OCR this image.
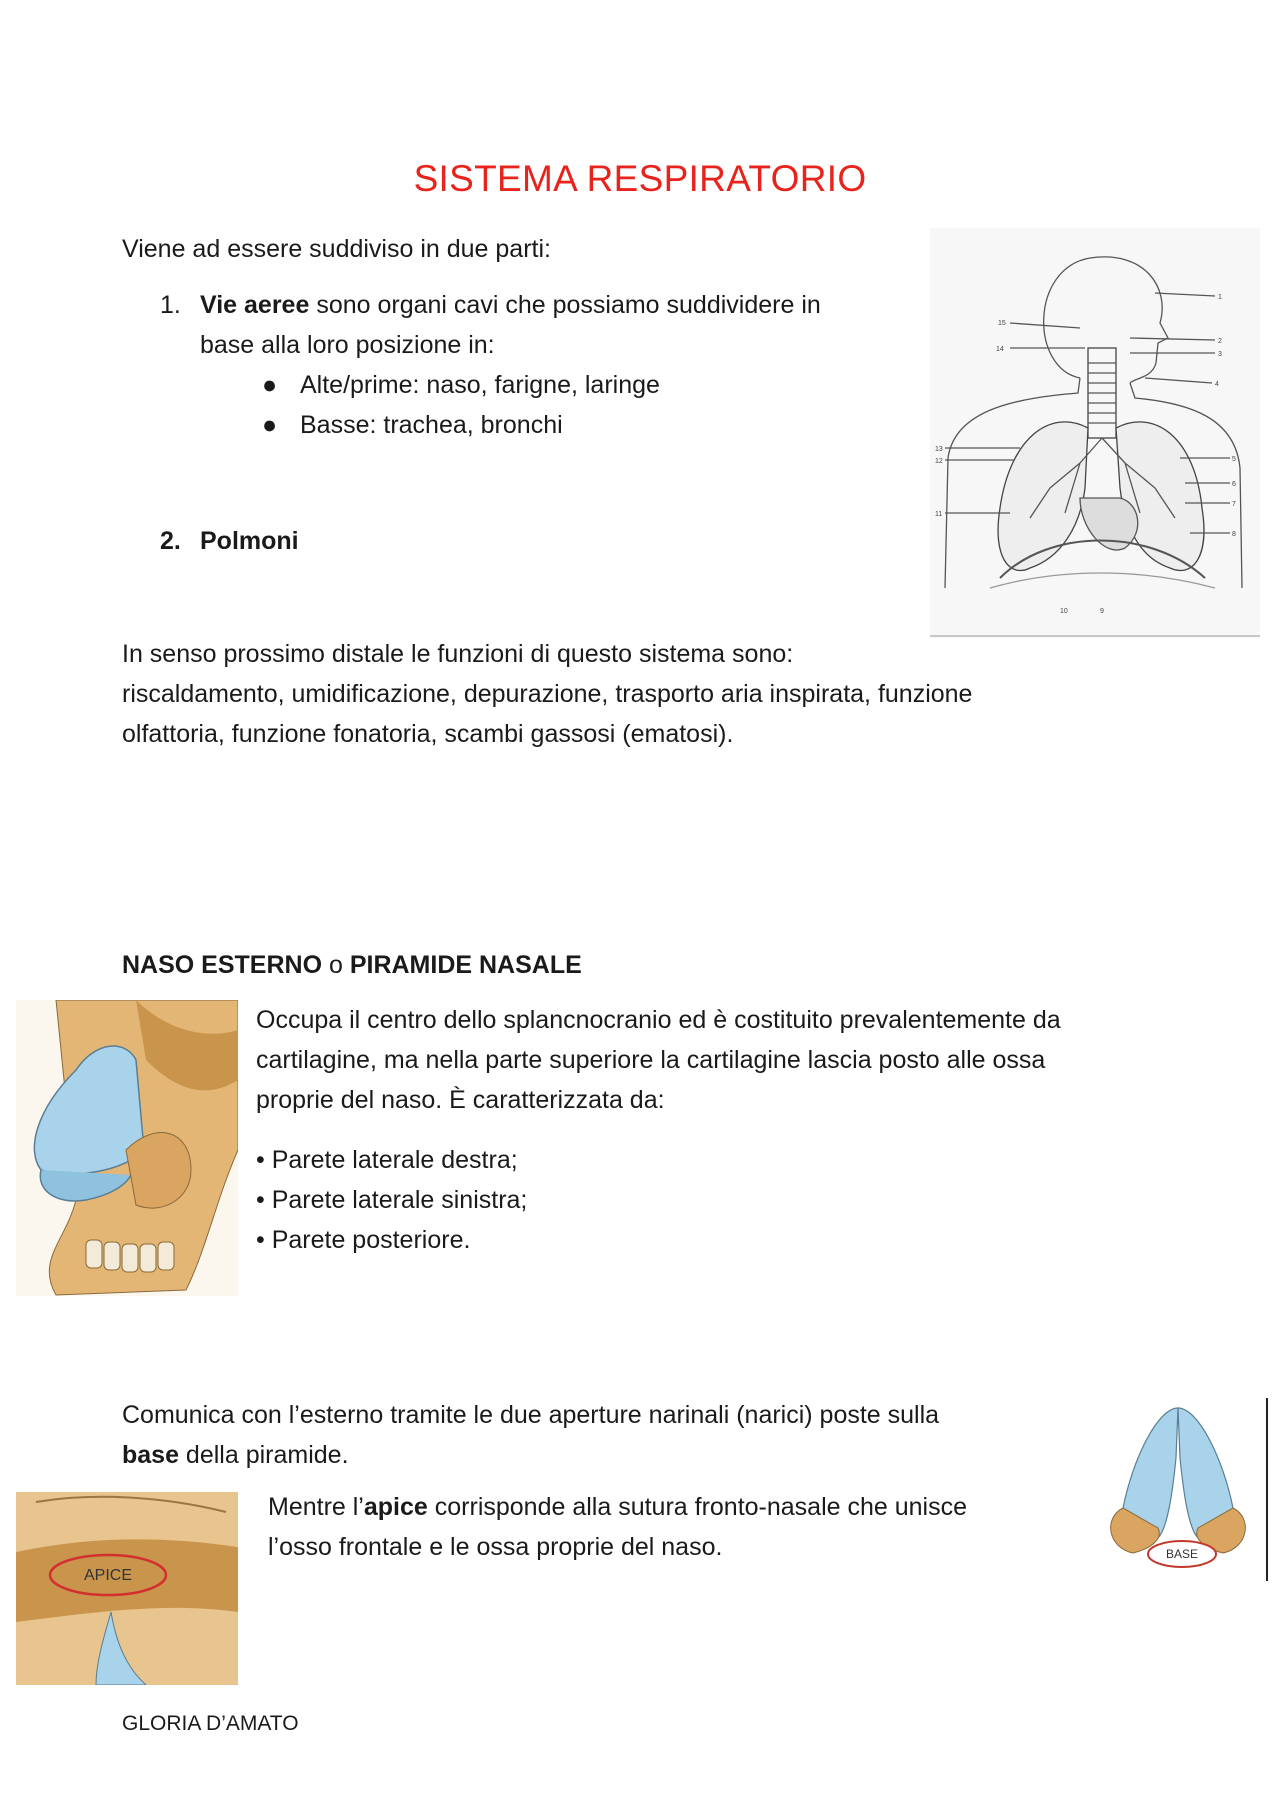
SISTEMA RESPIRATORIO
Viene ad essere suddiviso in due parti:
1. Vie aeree sono organi cavi che possiamo suddividere in
base alla loro posizione in:
● Alte/prime: naso, farigne, laringe
● Basse: trachea, bronchi
2. Polmoni
1
2
3
4
5
6
7
8
9
10
11
12
13
14
15
In senso prossimo distale le funzioni di questo sistema sono:
riscaldamento, umidificazione, depurazione, trasporto aria inspirata, funzione
olfattoria, funzione fonatoria, scambi gassosi (ematosi).
NASO ESTERNO o PIRAMIDE NASALE
Occupa il centro dello splancnocranio ed è costituito prevalentemente da
cartilagine, ma nella parte superiore la cartilagine lascia posto alle ossa
proprie del naso. È caratterizzata da:
• Parete laterale destra;
• Parete laterale sinistra;
• Parete posteriore.
Comunica con l’esterno tramite le due aperture narinali (narici) poste sulla
base della piramide.
BASE
APICE
Mentre l’apice corrisponde alla sutura fronto-nasale che unisce
l’osso frontale e le ossa proprie del naso.
GLORIA D’AMATO
